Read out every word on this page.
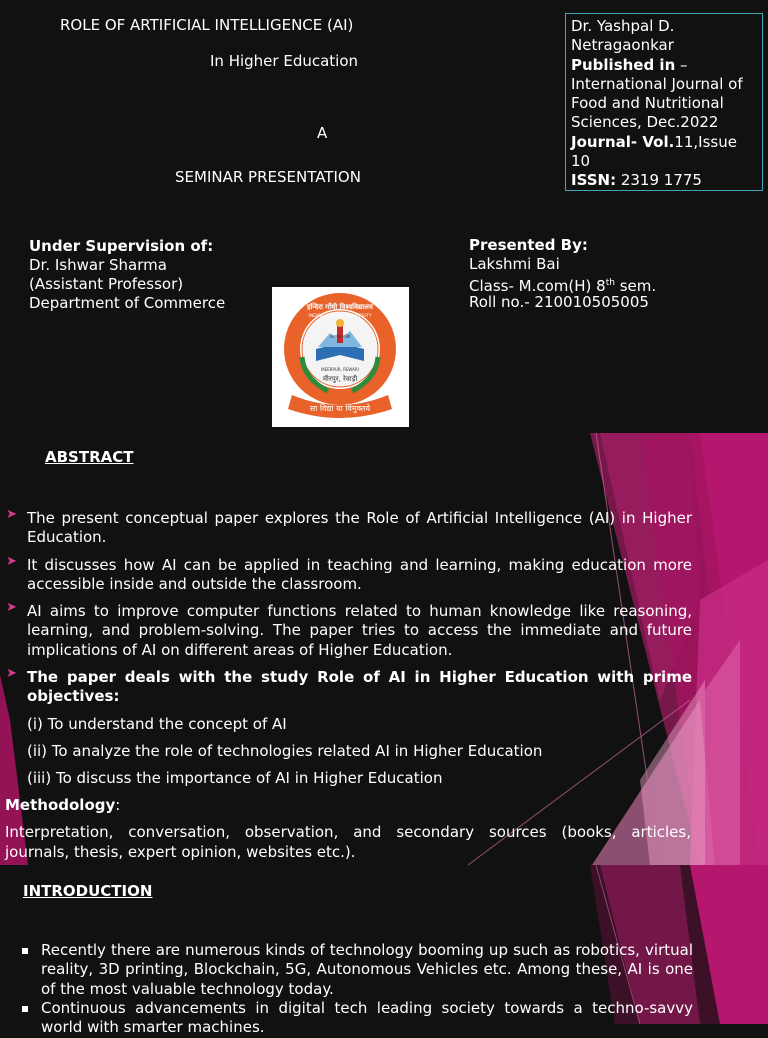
ROLE OF ARTIFICIAL INTELLIGENCE (AI)
In Higher Education
A
SEMINAR PRESENTATION
Dr. Yashpal D.
Netragaonkar
Published in –
International Journal of
Food and Nutritional
Sciences, Dec.2022
Journal- Vol.11,Issue
10
ISSN: 2319 1775
Under Supervision of:
Dr. Ishwar Sharma
(Assistant Professor)
Department of Commerce
Presented By:
Lakshmi Bai
Class- M.com(H) 8th sem.
Roll no.- 210010505005
सा विद्या या विमुक्तये
इन्दिरा गाँधी विश्वविद्यालय
INDIRA GANDHI UNIVERSITY
MEERPUR, REWARI
मीरपुर, रेवाड़ी
ज्ञानमेव शक्ति
ABSTRACT
➤ The present conceptual paper explores the Role of Artificial Intelligence (AI) in Higher Education.
➤ It discusses how AI can be applied in teaching and learning, making education more accessible inside and outside the classroom.
➤ AI aims to improve computer functions related to human knowledge like reasoning, learning, and problem-solving. The paper tries to access the immediate and future implications of AI on different areas of Higher Education.
➤ The paper deals with the study Role of AI in Higher Education with prime objectives:
(i) To understand the concept of AI
(ii) To analyze the role of technologies related AI in Higher Education
(iii) To discuss the importance of AI in Higher Education
Methodology:
Interpretation, conversation, observation, and secondary sources (books, articles,
journals, thesis, expert opinion, websites etc.).
INTRODUCTION
Recently there are numerous kinds of technology booming up such as robotics, virtual reality, 3D printing, Blockchain, 5G, Autonomous Vehicles etc. Among these, AI is one of the most valuable technology today.
Continuous advancements in digital tech leading society towards a techno-savvy world with smarter machines.
